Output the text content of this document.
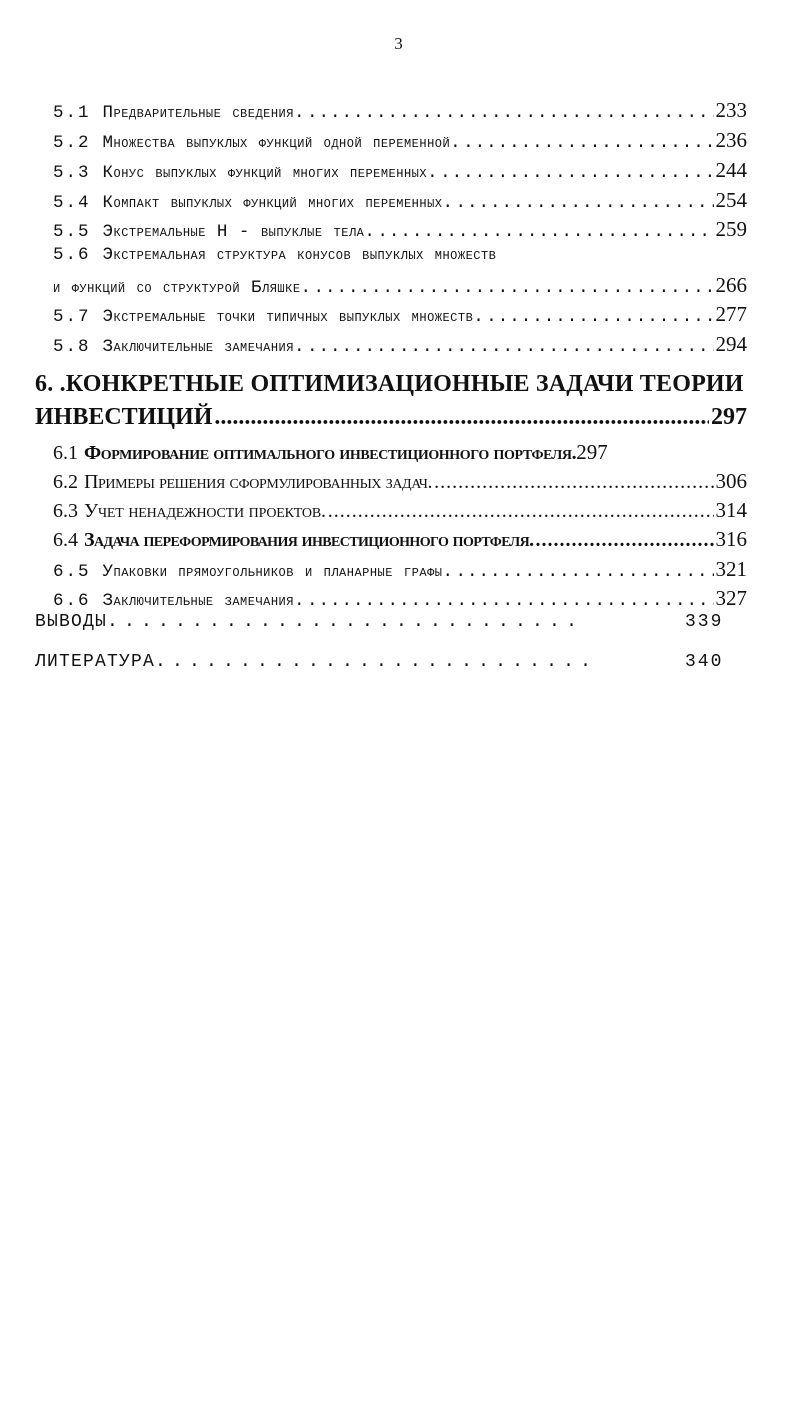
3
5.1 Предварительные сведения. .....	233
5.2 Множества выпуклых функций одной переменной. .....	236
5.3 Конус выпуклых функций многих переменных. .....	244
5.4 Компакт выпуклых функций многих переменных. .....	254
5.5 Экстремальные Н - выпуклые тела. .....	259
5.6 Экстремальная структура конусов выпуклых множеств
и функций со структурой Бляшке. .....	266
5.7 Экстремальные точки типичных выпуклых множеств. .....	277
5.8 Заключительные замечания. .....	294
6. .КОНКРЕТНЫЕ ОПТИМИЗАЦИОННЫЕ ЗАДАЧИ ТЕОРИИ
ИНВЕСТИЦИЙ .....	297
6.1 Формирование оптимального инвестиционного портфеля. 297
6.2 Примеры решения сформулированных задач. .....	306
6.3 Учет ненадежности проектов. .....	314
6.4 Задача переформирования инвестиционного портфеля. .....	316
6.5 Упаковки прямоугольников и планарные графы. .....	321
6.6 Заключительные замечания. .....	327
ВЫВОДЫ............................	339
ЛИТЕРАТУРА..........................	340
